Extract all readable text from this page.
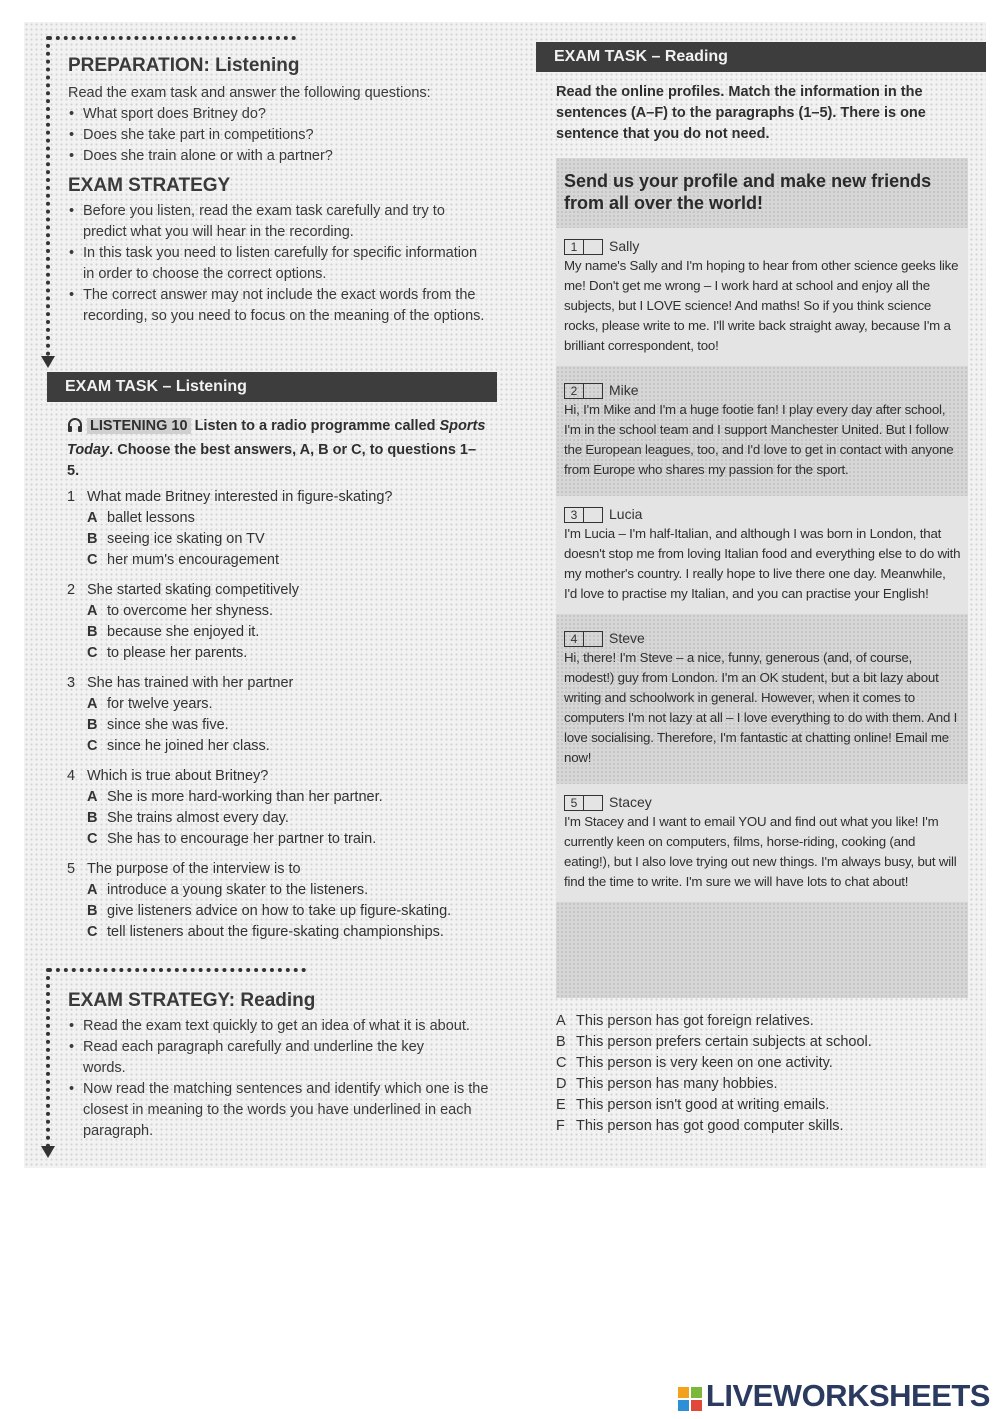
PREPARATION: Listening
Read the exam task and answer the following questions:
• What sport does Britney do?
• Does she take part in competitions?
• Does she train alone or with a partner?
EXAM STRATEGY
• Before you listen, read the exam task carefully and try to predict what you will hear in the recording.
• In this task you need to listen carefully for specific information in order to choose the correct options.
• The correct answer may not include the exact words from the recording, so you need to focus on the meaning of the options.
EXAM TASK – Listening
LISTENING 10 Listen to a radio programme called Sports Today. Choose the best answers, A, B or C, to questions 1–5.
1 What made Britney interested in figure-skating?
A ballet lessons
B seeing ice skating on TV
C her mum's encouragement
2 She started skating competitively
A to overcome her shyness.
B because she enjoyed it.
C to please her parents.
3 She has trained with her partner
A for twelve years.
B since she was five.
C since he joined her class.
4 Which is true about Britney?
A She is more hard-working than her partner.
B She trains almost every day.
C She has to encourage her partner to train.
5 The purpose of the interview is to
A introduce a young skater to the listeners.
B give listeners advice on how to take up figure-skating.
C tell listeners about the figure-skating championships.
EXAM STRATEGY: Reading
• Read the exam text quickly to get an idea of what it is about.
• Read each paragraph carefully and underline the key words.
• Now read the matching sentences and identify which one is the closest in meaning to the words you have underlined in each paragraph.
EXAM TASK – Reading
Read the online profiles. Match the information in the sentences (A–F) to the paragraphs (1–5). There is one sentence that you do not need.
Send us your profile and make new friends from all over the world!
1 Sally
My name's Sally and I'm hoping to hear from other science geeks like me! Don't get me wrong – I work hard at school and enjoy all the subjects, but I LOVE science! And maths! So if you think science rocks, please write to me. I'll write back straight away, because I'm a brilliant correspondent, too!
2 Mike
Hi, I'm Mike and I'm a huge footie fan! I play every day after school, I'm in the school team and I support Manchester United. But I follow the European leagues, too, and I'd love to get in contact with anyone from Europe who shares my passion for the sport.
3 Lucia
I'm Lucia – I'm half-Italian, and although I was born in London, that doesn't stop me from loving Italian food and everything else to do with my mother's country. I really hope to live there one day. Meanwhile, I'd love to practise my Italian, and you can practise your English!
4 Steve
Hi, there! I'm Steve – a nice, funny, generous (and, of course, modest!) guy from London. I'm an OK student, but a bit lazy about writing and schoolwork in general. However, when it comes to computers I'm not lazy at all – I love everything to do with them. And I love socialising. Therefore, I'm fantastic at chatting online! Email me now!
5 Stacey
I'm Stacey and I want to email YOU and find out what you like! I'm currently keen on computers, films, horse-riding, cooking (and eating!), but I also love trying out new things. I'm always busy, but will find the time to write. I'm sure we will have lots to chat about!
A This person has got foreign relatives.
B This person prefers certain subjects at school.
C This person is very keen on one activity.
D This person has many hobbies.
E This person isn't good at writing emails.
F This person has got good computer skills.
LIVEWORKSHEETS
